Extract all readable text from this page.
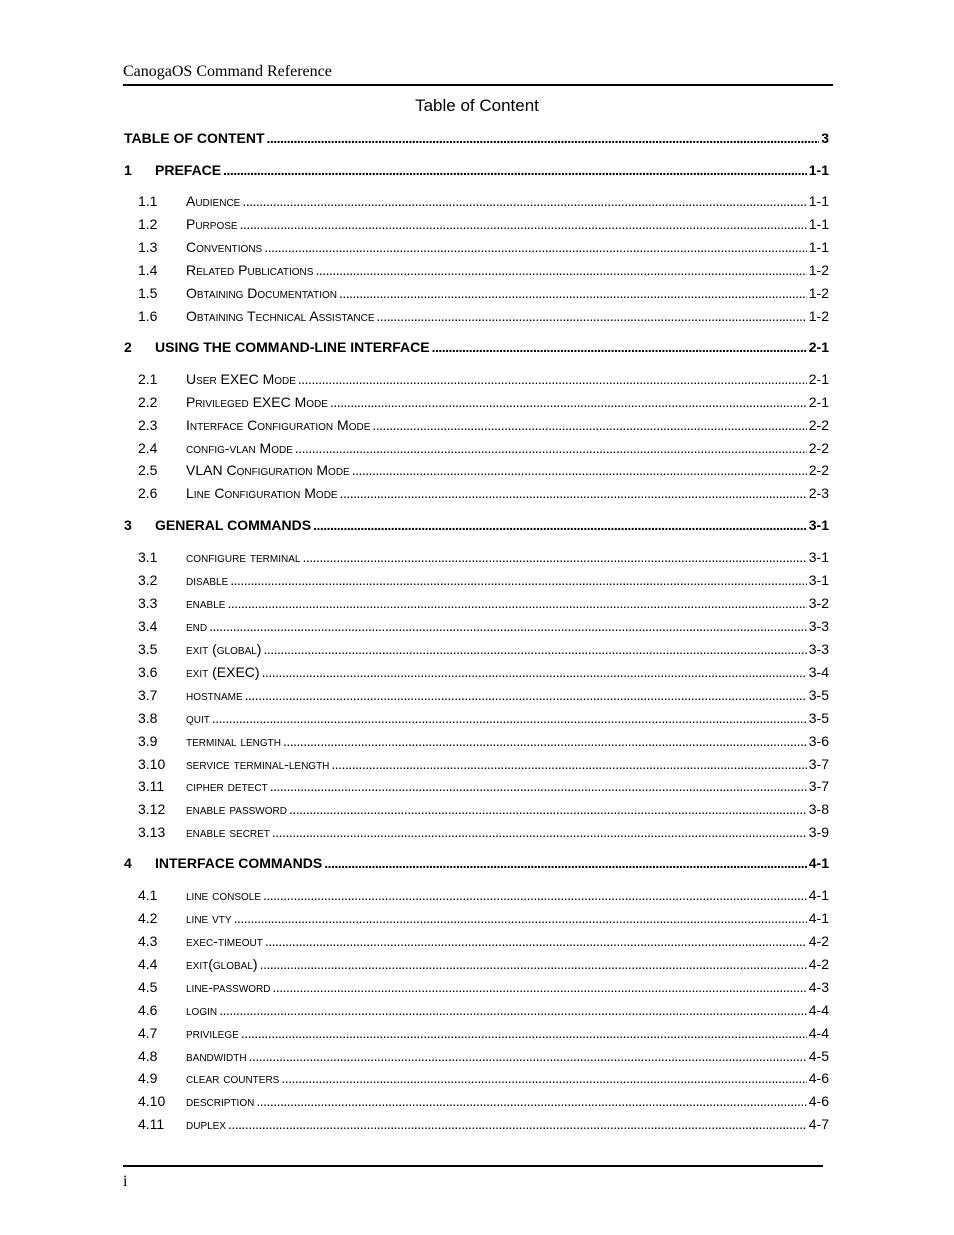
CanogaOS Command Reference
Table of Content
TABLE OF CONTENT . . .	3
1	PREFACE . . .	1-1
1.1	Audience . . .	1-1
1.2	Purpose . . .	1-1
1.3	Conventions . . .	1-1
1.4	Related Publications . . .	1-2
1.5	Obtaining Documentation . . .	1-2
1.6	Obtaining Technical Assistance . . .	1-2
2	USING THE COMMAND-LINE INTERFACE . . .	2-1
2.1	User EXEC Mode . . .	2-1
2.2	Privileged EXEC Mode . . .	2-1
2.3	Interface Configuration Mode . . .	2-2
2.4	config-vlan Mode . . .	2-2
2.5	VLAN Configuration Mode . . .	2-2
2.6	Line Configuration Mode . . .	2-3
3	GENERAL COMMANDS . . .	3-1
3.1	configure terminal . . .	3-1
3.2	disable . . .	3-1
3.3	enable . . .	3-2
3.4	end . . .	3-3
3.5	exit (global) . . .	3-3
3.6	exit (EXEC) . . .	3-4
3.7	hostname . . .	3-5
3.8	quit . . .	3-5
3.9	terminal length . . .	3-6
3.10	service terminal-length . . .	3-7
3.11	cipher detect . . .	3-7
3.12	enable password . . .	3-8
3.13	enable secret . . .	3-9
4	INTERFACE COMMANDS . . .	4-1
4.1	line console . . .	4-1
4.2	line vty . . .	4-1
4.3	exec-timeout . . .	4-2
4.4	exit(global) . . .	4-2
4.5	line-password . . .	4-3
4.6	login . . .	4-4
4.7	privilege . . .	4-4
4.8	bandwidth . . .	4-5
4.9	clear counters . . .	4-6
4.10	description . . .	4-6
4.11	duplex . . .	4-7
i
